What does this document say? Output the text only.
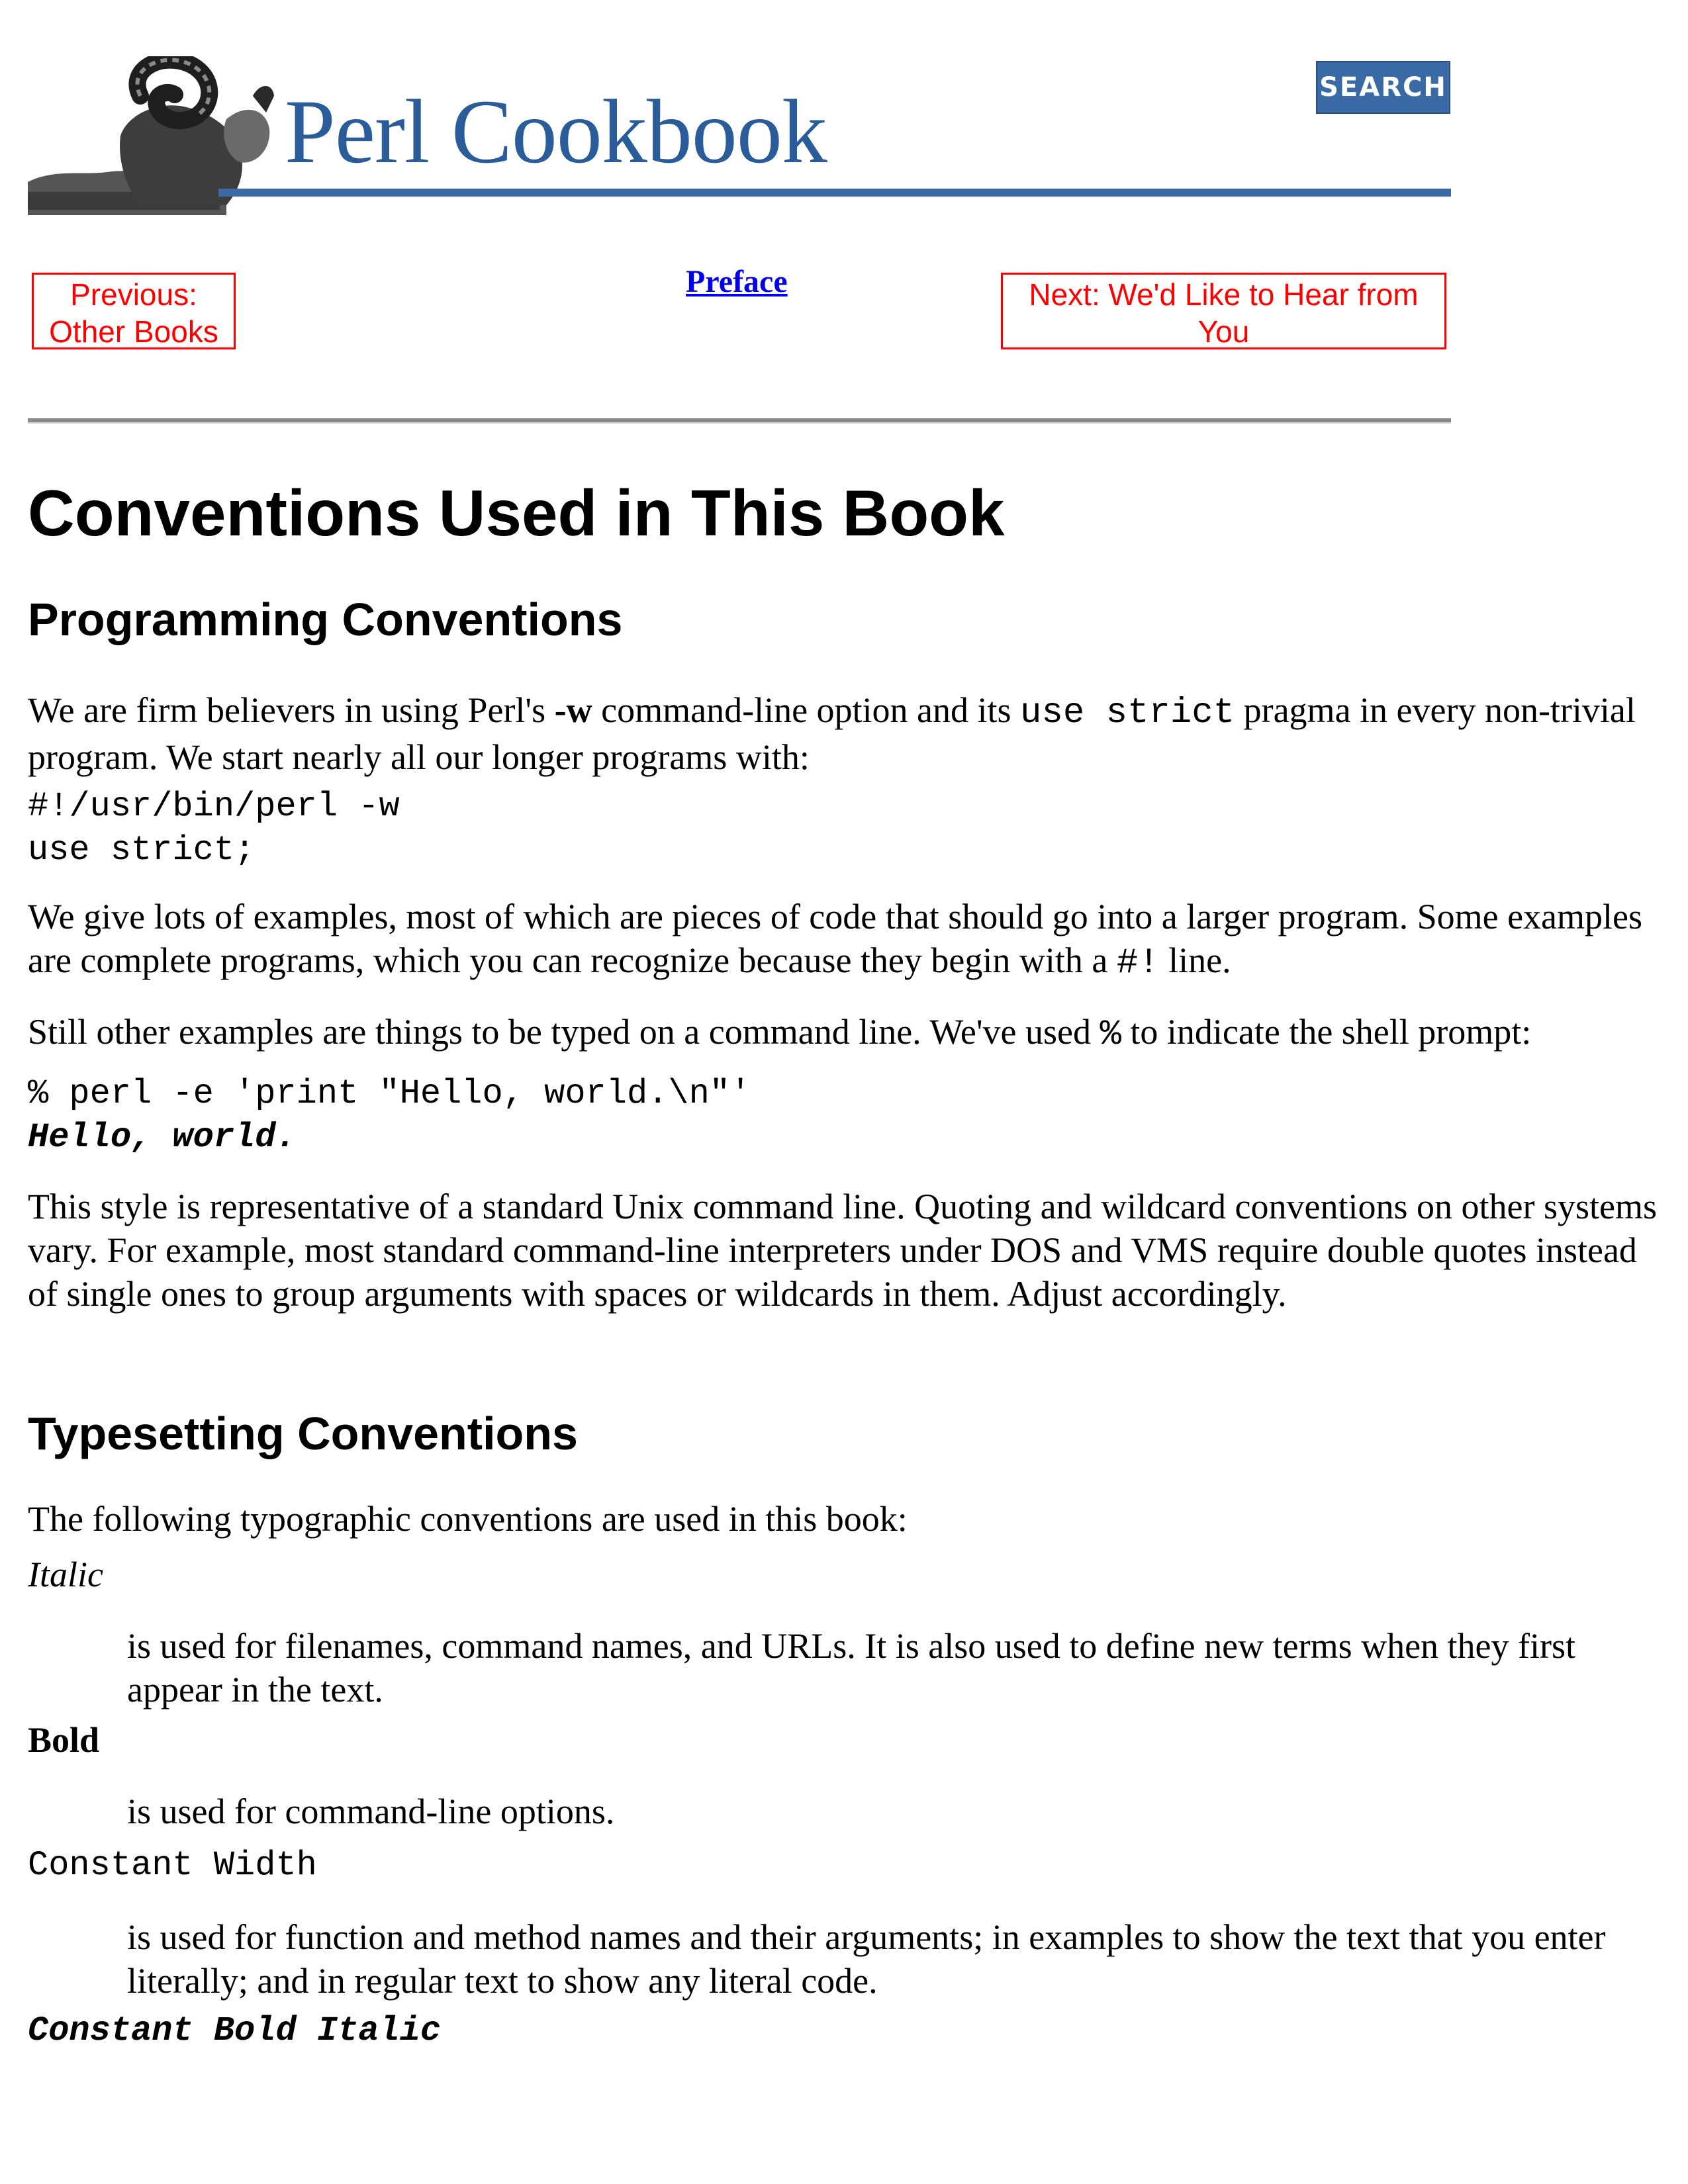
Perl Cookbook	SEARCH
Previous:
Other Books
Preface	Next: We'd Like to Hear from
You
Conventions Used in This Book
Programming Conventions

We are firm believers in using Perl's -w command-line option and its use strict pragma in every non-trivial program. We start nearly all our longer programs with:

#!/usr/bin/perl -w
use strict;

We give lots of examples, most of which are pieces of code that should go into a larger program. Some examples are complete programs, which you can recognize because they begin with a #! line.

Still other examples are things to be typed on a command line. We've used % to indicate the shell prompt:

% perl -e 'print "Hello, world.\n"'
Hello, world.

This style is representative of a standard Unix command line. Quoting and wildcard conventions on other systems vary. For example, most standard command-line interpreters under DOS and VMS require double quotes instead of single ones to group arguments with spaces or wildcards in them. Adjust accordingly.

Typesetting Conventions

The following typographic conventions are used in this book:

Italic

is used for filenames, command names, and URLs. It is also used to define new terms when they first appear in the text.

Bold

is used for command-line options.

Constant Width

is used for function and method names and their arguments; in examples to show the text that you enter literally; and in regular text to show any literal code.

Constant Bold Italic
